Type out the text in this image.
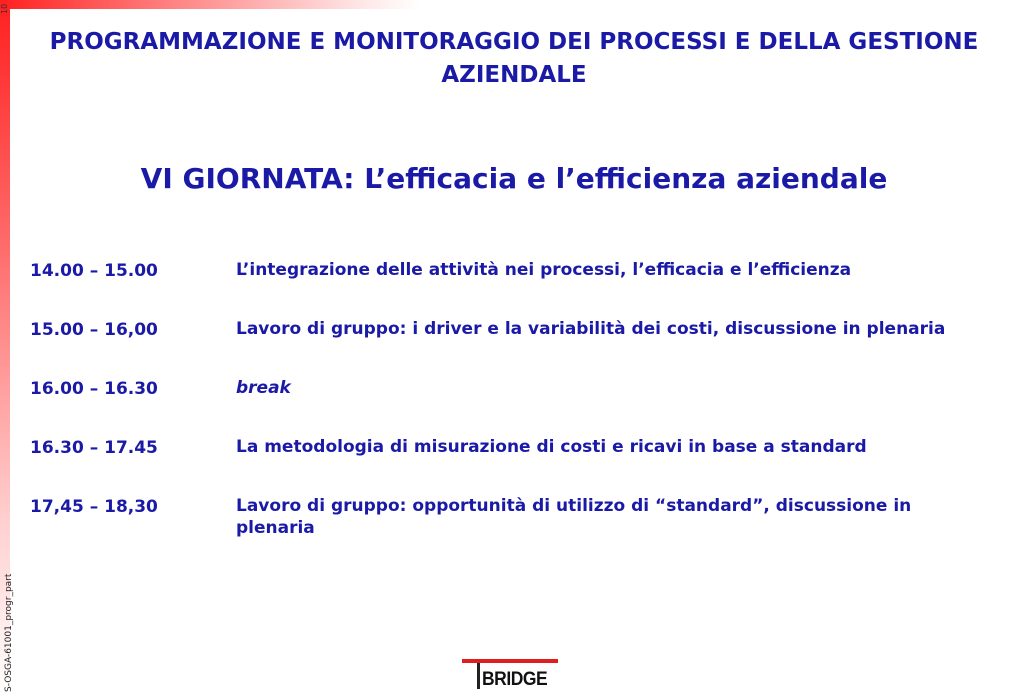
10
S-OSGA-61001_progr_part
PROGRAMMAZIONE E MONITORAGGIO DEI PROCESSI E DELLA GESTIONE AZIENDALE
VI GIORNATA: L’efficacia e l’efficienza aziendale
14.00 – 15.00	L’integrazione delle attività nei processi, l’efficacia e l’efficienza
15.00 – 16,00	Lavoro di gruppo: i driver e la variabilità dei costi, discussione in plenaria
16.00 – 16.30	break
16.30 – 17.45	La metodologia di misurazione di costi e ricavi in base a standard
17,45 – 18,30	Lavoro di gruppo: opportunità di utilizzo di “standard”, discussione in plenaria
BRIDGE
